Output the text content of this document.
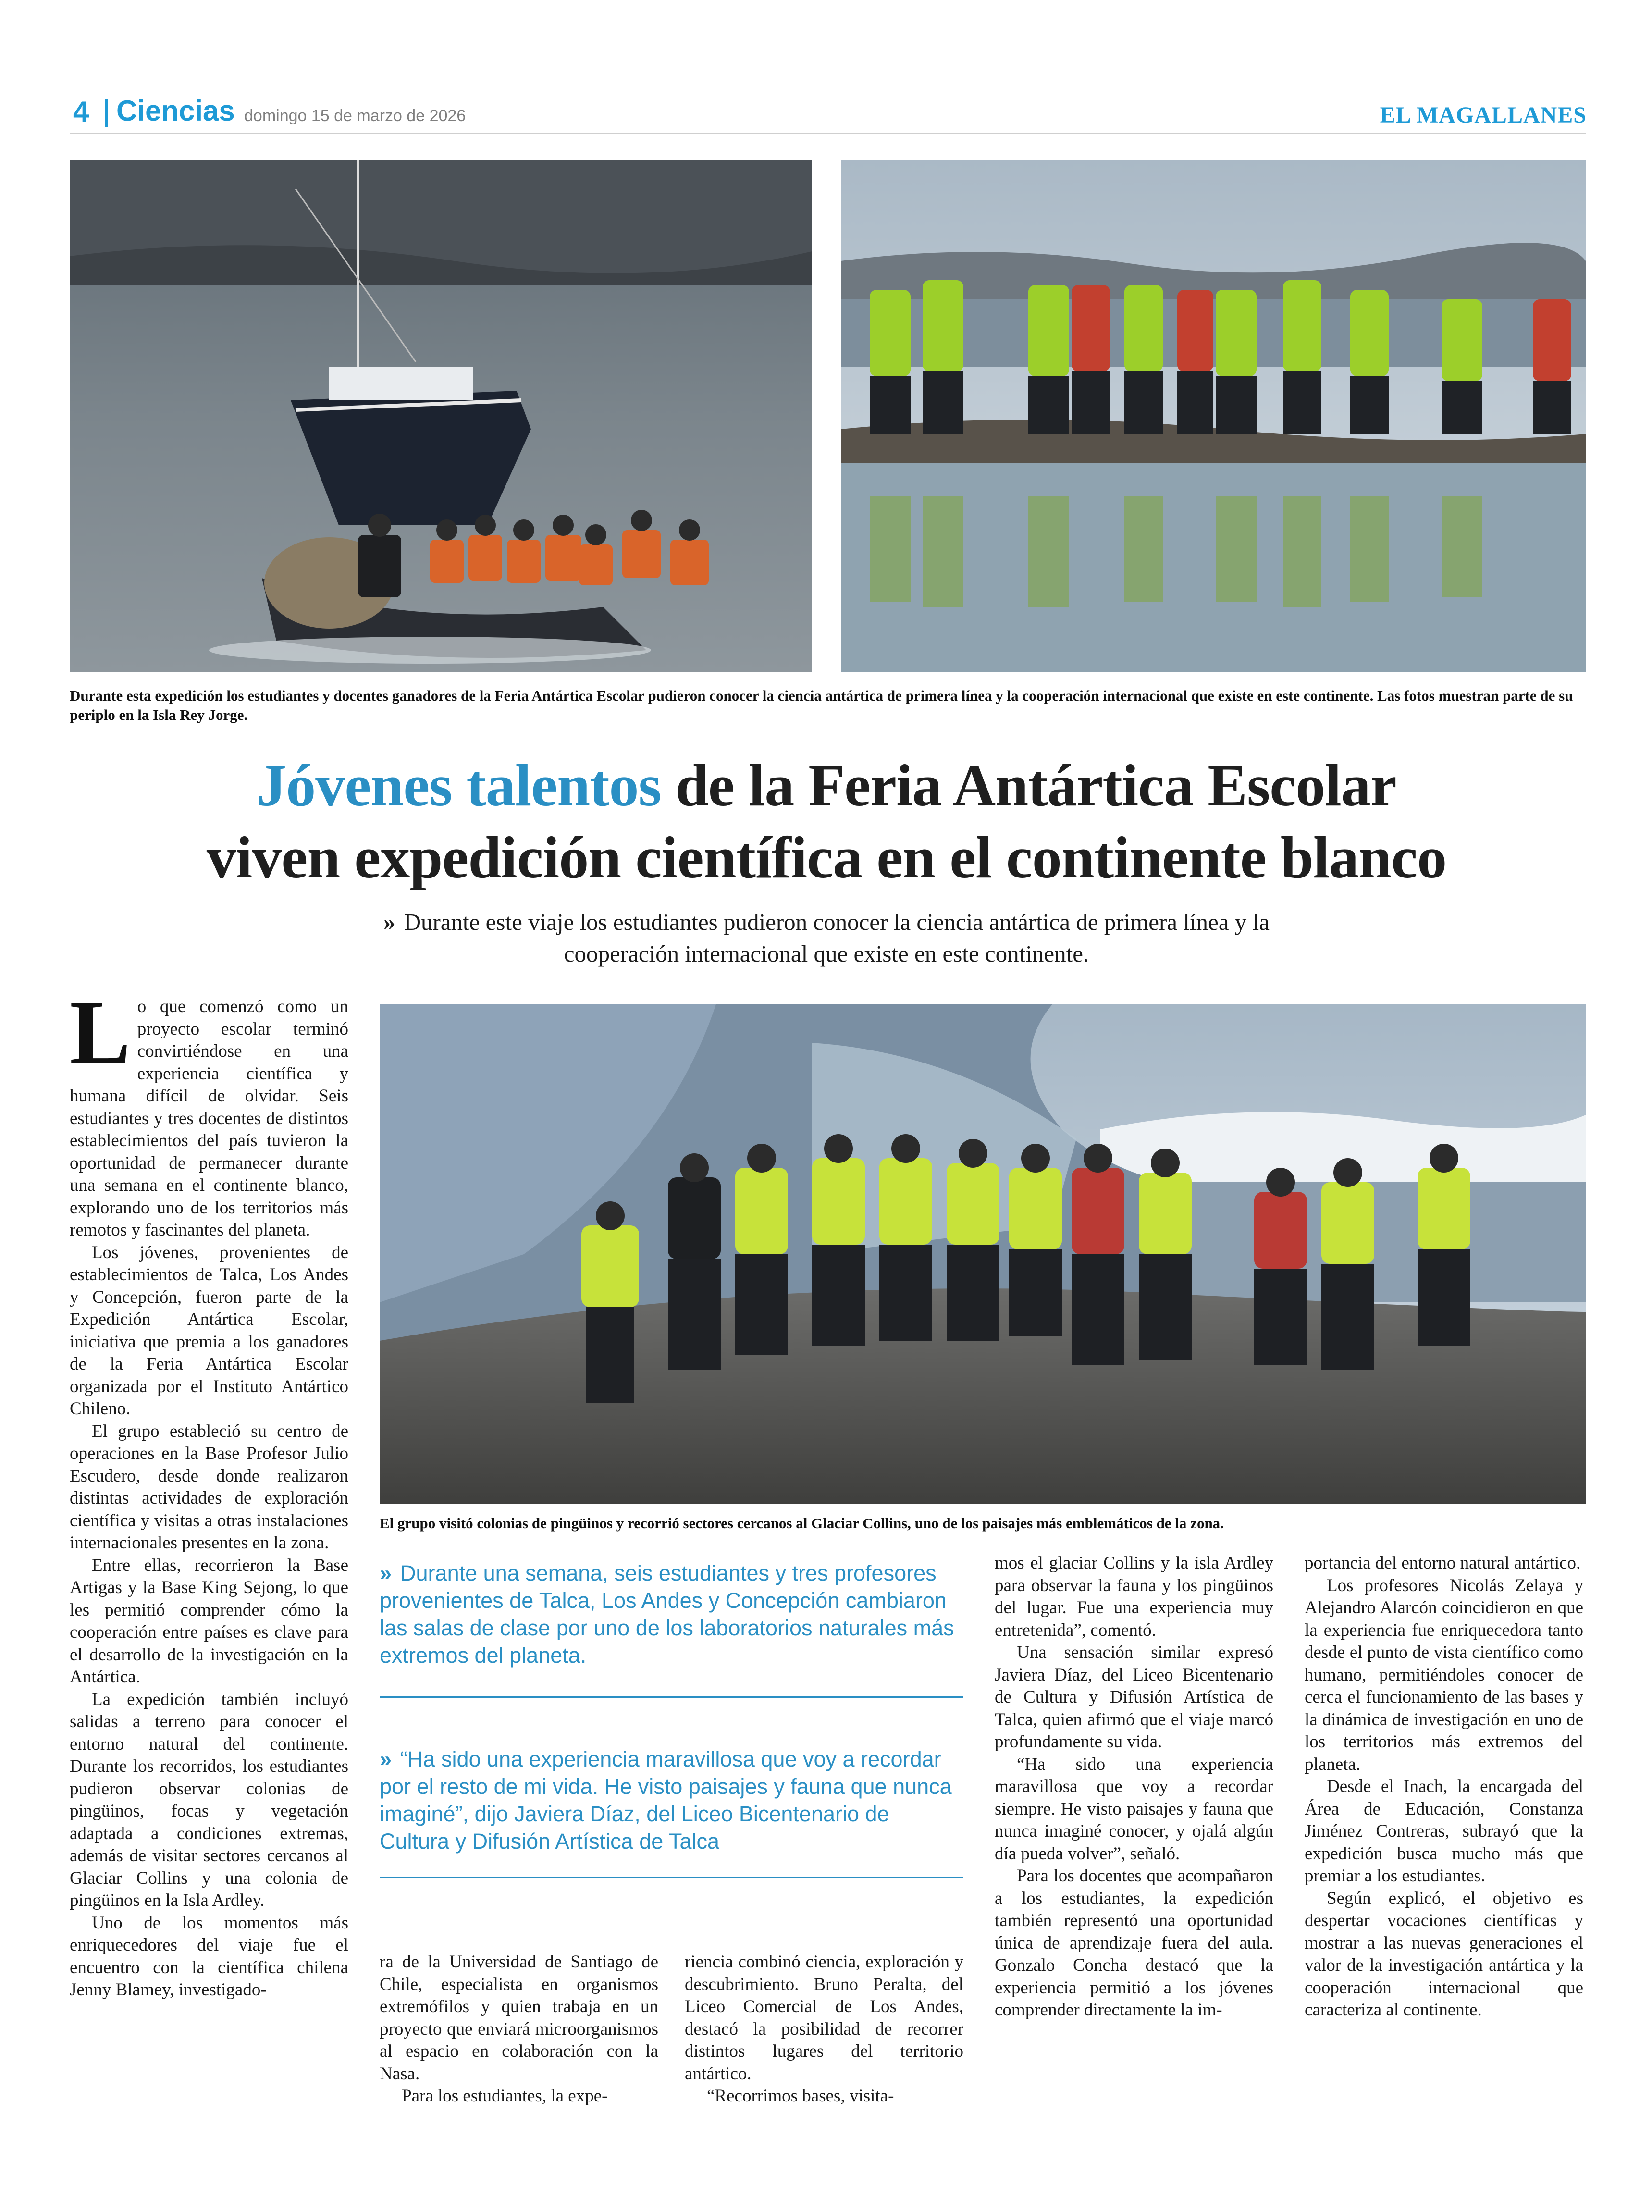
4 Ciencias domingo 15 de marzo de 2026	EL MAGALLANES
Durante esta expedición los estudiantes y docentes ganadores de la Feria Antártica Escolar pudieron conocer la ciencia antártica de primera línea y la cooperación internacional que existe en este continente. Las fotos muestran parte de su periplo en la Isla Rey Jorge.
Jóvenes talentos de la Feria Antártica Escolar
viven expedición científica en el continente blanco
» Durante este viaje los estudiantes pudieron conocer la ciencia antártica de primera línea y la cooperación internacional que existe en este continente.
El grupo visitó colonias de pingüinos y recorrió sectores cercanos al Glaciar Collins, uno de los paisajes más emblemáticos de la zona.
L o que comenzó como un proyecto escolar terminó convirtiéndose en una experiencia científica y humana difícil de olvidar. Seis estudiantes y tres docentes de distintos establecimientos del país tuvieron la oportunidad de permanecer durante una semana en el continente blanco, explorando uno de los territorios más remotos y fascinantes del planeta.

Los jóvenes, provenientes de establecimientos de Talca, Los Andes y Concepción, fueron parte de la Expedición Antártica Escolar, iniciativa que premia a los ganadores de la Feria Antártica Escolar organizada por el Instituto Antártico Chileno.

El grupo estableció su centro de operaciones en la Base Profesor Julio Escudero, desde donde realizaron distintas actividades de exploración científica y visitas a otras instalaciones internacionales presentes en la zona.

Entre ellas, recorrieron la Base Artigas y la Base King Sejong, lo que les permitió comprender cómo la cooperación entre países es clave para el desarrollo de la investigación en la Antártica.

La expedición también incluyó salidas a terreno para conocer el entorno natural del continente. Durante los recorridos, los estudiantes pudieron observar colonias de pingüinos, focas y vegetación adaptada a condiciones extremas, además de visitar sectores cercanos al Glaciar Collins y una colonia de pingüinos en la Isla Ardley.

Uno de los momentos más enriquecedores del viaje fue el encuentro con la científica chilena Jenny Blamey, investigado-

» Durante una semana, seis estudiantes y tres profesores provenientes de Talca, Los Andes y Concepción cambiaron las salas de clase por uno de los laboratorios naturales más extremos del planeta.
» “Ha sido una experiencia maravillosa que voy a recordar por el resto de mi vida. He visto paisajes y fauna que nunca imaginé”, dijo Javiera Díaz, del Liceo Bicentenario de Cultura y Difusión Artística de Talca

ra de la Universidad de Santiago de Chile, especialista en organismos extremófilos y quien trabaja en un proyecto que enviará microorganismos al espacio en colaboración con la Nasa.

Para los estudiantes, la expe-

riencia combinó ciencia, exploración y descubrimiento. Bruno Peralta, del Liceo Comercial de Los Andes, destacó la posibilidad de recorrer distintos lugares del territorio antártico.

“Recorrimos bases, visita-

mos el glaciar Collins y la isla Ardley para observar la fauna y los pingüinos del lugar. Fue una experiencia muy entretenida”, comentó.

Una sensación similar expresó Javiera Díaz, del Liceo Bicentenario de Cultura y Difusión Artística de Talca, quien afirmó que el viaje marcó profundamente su vida.

“Ha sido una experiencia maravillosa que voy a recordar siempre. He visto paisajes y fauna que nunca imaginé conocer, y ojalá algún día pueda volver”, señaló.

Para los docentes que acompañaron a los estudiantes, la expedición también representó una oportunidad única de aprendizaje fuera del aula. Gonzalo Concha destacó que la experiencia permitió a los jóvenes comprender directamente la im-

portancia del entorno natural antártico.

Los profesores Nicolás Zelaya y Alejandro Alarcón coincidieron en que la experiencia fue enriquecedora tanto desde el punto de vista científico como humano, permitiéndoles conocer de cerca el funcionamiento de las bases y la dinámica de investigación en uno de los territorios más extremos del planeta.

Desde el Inach, la encargada del Área de Educación, Constanza Jiménez Contreras, subrayó que la expedición busca mucho más que premiar a los estudiantes.

Según explicó, el objetivo es despertar vocaciones científicas y mostrar a las nuevas generaciones el valor de la investigación antártica y la cooperación internacional que caracteriza al continente.
